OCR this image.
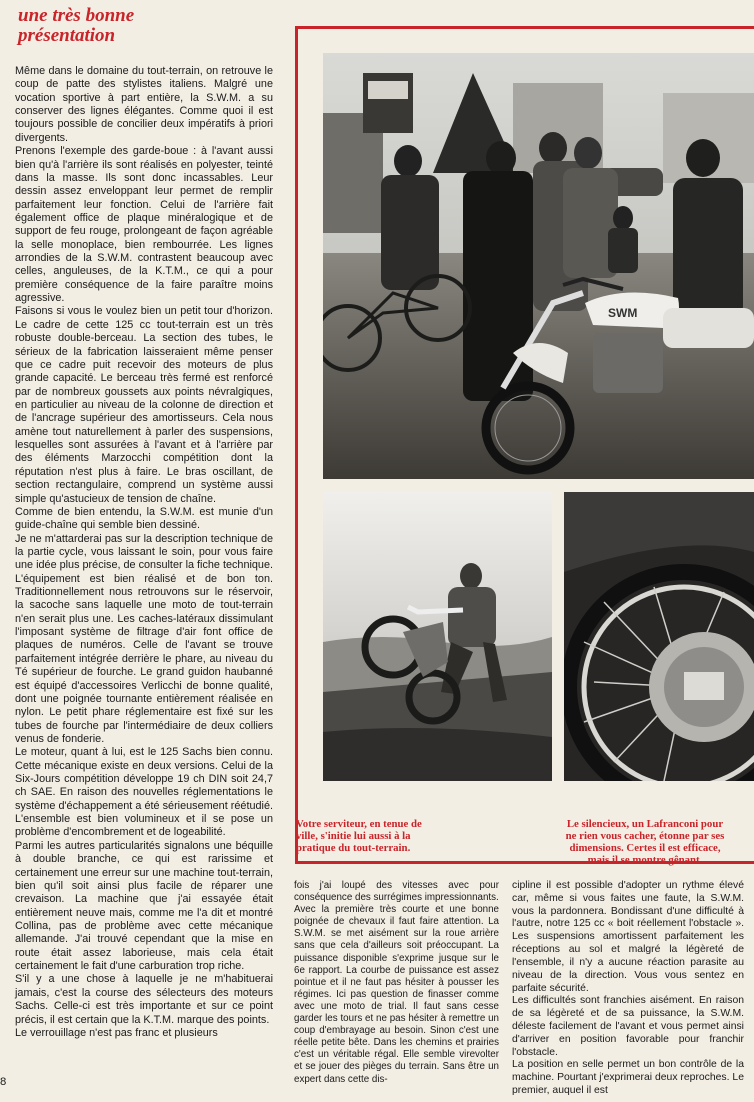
une très bonne
présentation

Même dans le domaine du tout-terrain, on retrouve le coup de patte des stylistes italiens. Malgré une vocation sportive à part entière, la S.W.M. a su conserver des lignes élégantes. Comme quoi il est toujours possible de concilier deux impératifs à priori divergents.

Prenons l'exemple des garde-boue : à l'avant aussi bien qu'à l'arrière ils sont réalisés en polyester, teinté dans la masse. Ils sont donc incassables. Leur dessin assez enveloppant leur permet de remplir parfaitement leur fonction. Celui de l'arrière fait également office de plaque minéralogique et de support de feu rouge, prolongeant de façon agréable la selle monoplace, bien rembourrée. Les lignes arrondies de la S.W.M. contrastent beaucoup avec celles, anguleuses, de la K.T.M., ce qui a pour première conséquence de la faire paraître moins agressive.

Faisons si vous le voulez bien un petit tour d'horizon. Le cadre de cette 125 cc tout-terrain est un très robuste double-berceau. La section des tubes, le sérieux de la fabrication laisseraient même penser que ce cadre puit recevoir des moteurs de plus grande capacité. Le berceau très fermé est renforcé par de nombreux goussets aux points névralgiques, en particulier au niveau de la colonne de direction et de l'ancrage supérieur des amortisseurs. Cela nous amène tout naturellement à parler des suspensions, lesquelles sont assurées à l'avant et à l'arrière par des éléments Marzocchi compétition dont la réputation n'est plus à faire. Le bras oscillant, de section rectangulaire, comprend un système aussi simple qu'astucieux de tension de chaîne.

Comme de bien entendu, la S.W.M. est munie d'un guide-chaîne qui semble bien dessiné.

Je ne m'attarderai pas sur la description technique de la partie cycle, vous laissant le soin, pour vous faire une idée plus précise, de consulter la fiche technique.

L'équipement est bien réalisé et de bon ton. Traditionnellement nous retrouvons sur le réservoir, la sacoche sans laquelle une moto de tout-terrain n'en serait plus une. Les caches-latéraux dissimulant l'imposant système de filtrage d'air font office de plaques de numéros. Celle de l'avant se trouve parfaitement intégrée derrière le phare, au niveau du Té supérieur de fourche. Le grand guidon haubanné est équipé d'accessoires Verlicchi de bonne qualité, dont une poignée tournante entièrement réalisée en nylon. Le petit phare réglementaire est fixé sur les tubes de fourche par l'intermédiaire de deux colliers venus de fonderie.

Le moteur, quant à lui, est le 125 Sachs bien connu. Cette mécanique existe en deux versions. Celui de la Six-Jours compétition développe 19 ch DIN soit 24,7 ch SAE. En raison des nouvelles réglementations le système d'échappement a été sérieusement réétudié. L'ensemble est bien volumineux et il se pose un problème d'encombrement et de logeabilité.

Parmi les autres particularités signalons une béquille à double branche, ce qui est rarissime et certainement une erreur sur une machine tout-terrain, bien qu'il soit ainsi plus facile de réparer une crevaison. La machine que j'ai essayée était entièrement neuve mais, comme me l'a dit et montré Collina, pas de problème avec cette mécanique allemande. J'ai trouvé cependant que la mise en route était assez laborieuse, mais cela était certainement le fait d'une carburation trop riche.

S'il y a une chose à laquelle je ne m'habituerai jamais, c'est la course des sélecteurs des moteurs Sachs. Celle-ci est très importante et sur ce point précis, il est certain que la K.T.M. marque des points.

Le verrouillage n'est pas franc et plusieurs

8
SWM
Votre serviteur, en tenue de ville, s'initie lui aussi à la pratique du tout-terrain.
Le silencieux, un Lafranconi pour ne rien vous cacher, étonne par ses dimensions. Certes il est efficace, mais il se montre gênant.

fois j'ai loupé des vitesses avec pour conséquence des surrégimes impressionnants.

Avec la première très courte et une bonne poignée de chevaux il faut faire attention. La S.W.M. se met aisément sur la roue arrière sans que cela d'ailleurs soit préoccupant. La puissance disponible s'exprime jusque sur le 6e rapport. La courbe de puissance est assez pointue et il ne faut pas hésiter à pousser les régimes. Ici pas question de finasser comme avec une moto de trial. Il faut sans cesse garder les tours et ne pas hésiter à remettre un coup d'embrayage au besoin. Sinon c'est une réelle petite bête. Dans les chemins et prairies c'est un véritable régal. Elle semble virevolter et se jouer des pièges du terrain. Sans être un expert dans cette dis-

cipline il est possible d'adopter un rythme élevé car, même si vous faites une faute, la S.W.M. vous la pardonnera. Bondissant d'une difficulté à l'autre, notre 125 cc « boit réellement l'obstacle ». Les suspensions amortissent parfaitement les réceptions au sol et malgré la légèreté de l'ensemble, il n'y a aucune réaction parasite au niveau de la direction. Vous vous sentez en parfaite sécurité.

Les difficultés sont franchies aisément. En raison de sa légèreté et de sa puissance, la S.W.M. déleste facilement de l'avant et vous permet ainsi d'arriver en position favorable pour franchir l'obstacle.

La position en selle permet un bon contrôle de la machine. Pourtant j'exprimerai deux reproches. Le premier, auquel il est
